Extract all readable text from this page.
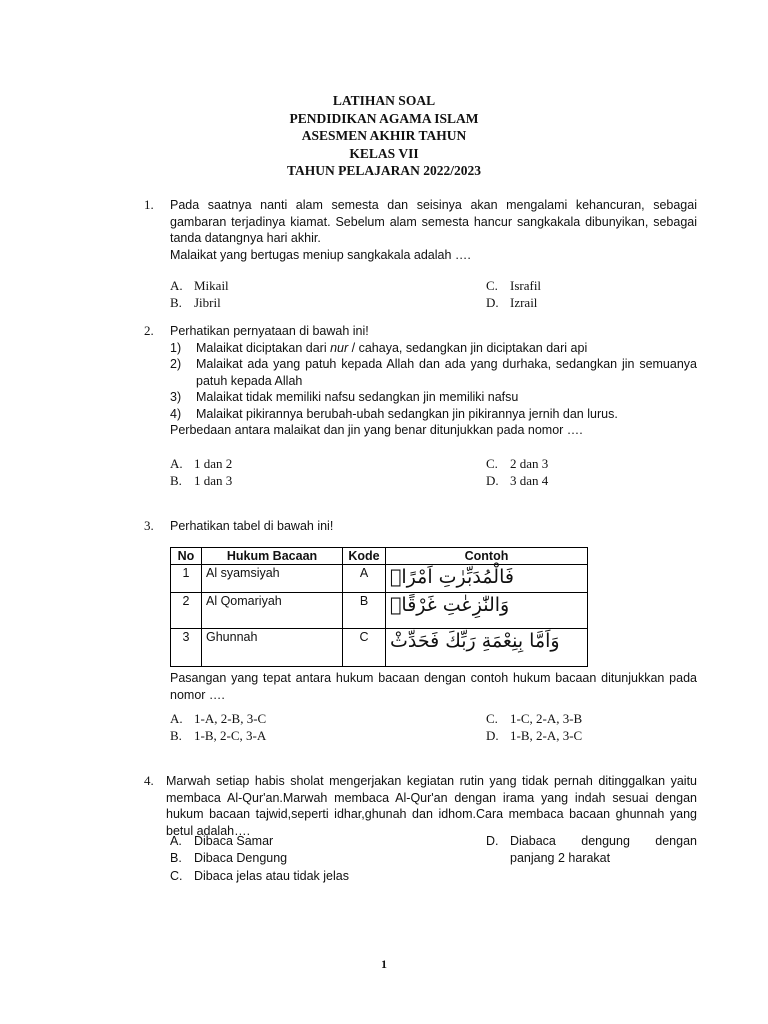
LATIHAN SOAL
PENDIDIKAN AGAMA ISLAM
ASESMEN AKHIR TAHUN
KELAS VII
TAHUN PELAJARAN 2022/2023
1. Pada saatnya nanti alam semesta dan seisinya akan mengalami kehancuran, sebagai gambaran terjadinya kiamat. Sebelum alam semesta hancur sangkakala dibunyikan, sebagai tanda datangnya hari akhir.
Malaikat yang bertugas meniup sangkakala adalah ….
A. Mikail
B. Jibril
C. Israfil
D. Izrail
2. Perhatikan pernyataan di bawah ini!
1) Malaikat diciptakan dari nur / cahaya, sedangkan jin diciptakan dari api
2) Malaikat ada yang patuh kepada Allah dan ada yang durhaka, sedangkan jin semuanya patuh kepada Allah
3) Malaikat tidak memiliki nafsu sedangkan jin memiliki nafsu
4) Malaikat pikirannya berubah-ubah sedangkan jin pikirannya jernih dan lurus.
Perbedaan antara malaikat dan jin yang benar ditunjukkan pada nomor ….
A. 1 dan 2
B. 1 dan 3
C. 2 dan 3
D. 3 dan 4
3. Perhatikan tabel di bawah ini!
No	Hukum Bacaan	Kode	Contoh
1	Al syamsiyah	A	فَالْمُدَبِّرٰتِ اَمْرًاۘ
2	Al Qomariyah	B	وَالنّٰزِعٰتِ غَرْقًاۙ
3	Ghunnah	C	وَاَمَّا بِنِعْمَةِ رَبِّكَ فَحَدِّثْ
Pasangan yang tepat antara hukum bacaan dengan contoh hukum bacaan ditunjukkan pada nomor ….
A. 1-A, 2-B, 3-C
B. 1-B, 2-C, 3-A
C. 1-C, 2-A, 3-B
D. 1-B, 2-A, 3-C
4. Marwah setiap habis sholat mengerjakan kegiatan rutin yang tidak pernah ditinggalkan yaitu membaca Al-Qur'an.Marwah membaca Al-Qur'an dengan irama yang indah sesuai dengan hukum bacaan tajwid,seperti idhar,ghunah dan idhom.Cara membaca bacaan ghunnah yang betul adalah….
A. Dibaca Samar
B. Dibaca Dengung
C. Dibaca jelas atau tidak jelas
D. Diabaca dengung dengan panjang 2 harakat
1
